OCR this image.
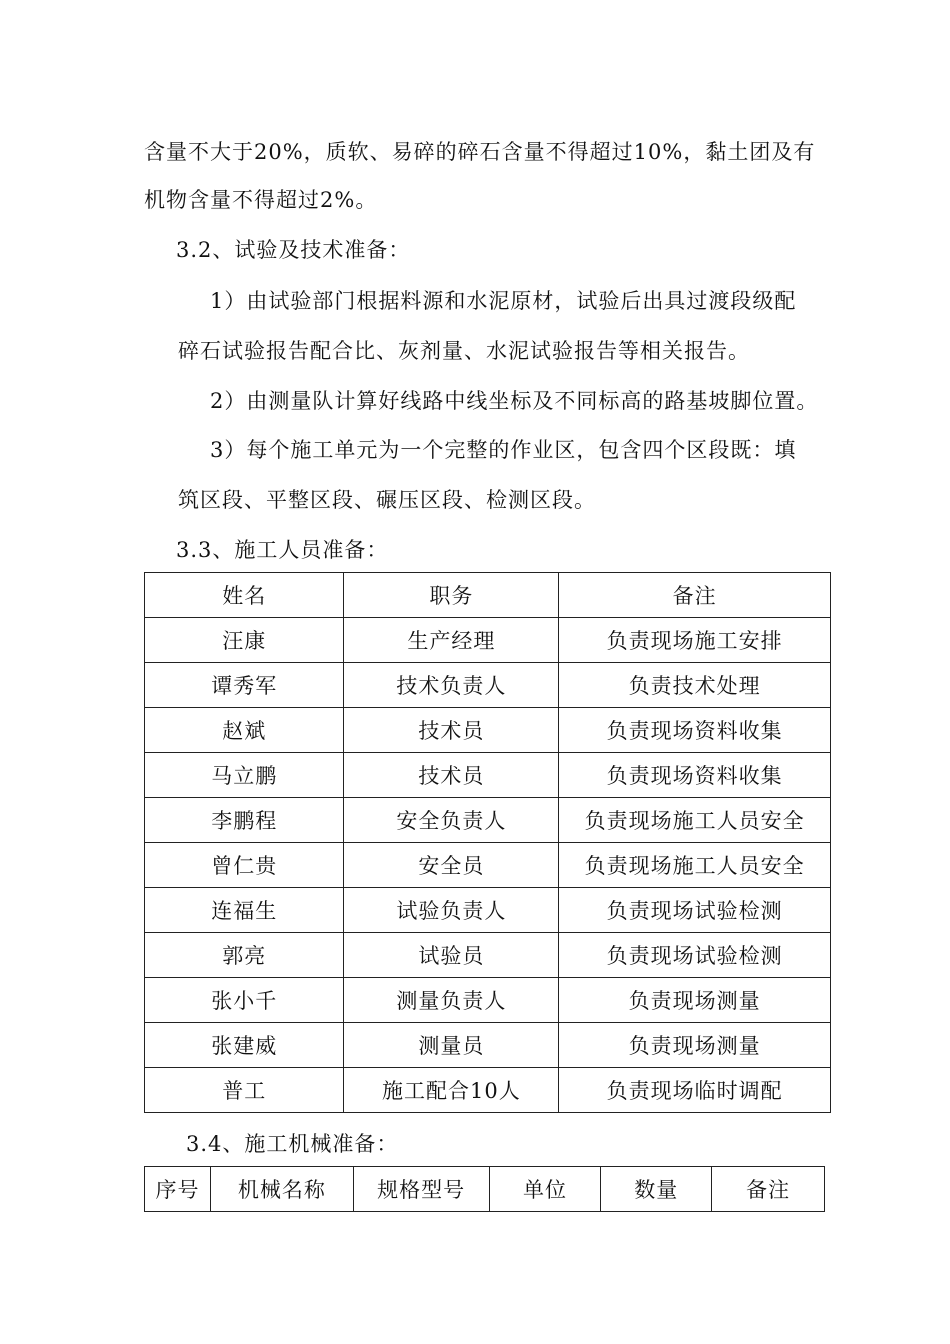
含量不大于20%，质软、易碎的碎石含量不得超过10%，黏土团及有
机物含量不得超过2%。
3.2、试验及技术准备：
1）由试验部门根据料源和水泥原材，试验后出具过渡段级配
碎石试验报告配合比、灰剂量、水泥试验报告等相关报告。
2）由测量队计算好线路中线坐标及不同标高的路基坡脚位置。
3）每个施工单元为一个完整的作业区，包含四个区段既：填
筑区段、平整区段、碾压区段、检测区段。
3.3、施工人员准备：
姓名	职务	备注
汪康	生产经理	负责现场施工安排
谭秀军	技术负责人	负责技术处理
赵斌	技术员	负责现场资料收集
马立鹏	技术员	负责现场资料收集
李鹏程	安全负责人	负责现场施工人员安全
曾仁贵	安全员	负责现场施工人员安全
连福生	试验负责人	负责现场试验检测
郭亮	试验员	负责现场试验检测
张小千	测量负责人	负责现场测量
张建威	测量员	负责现场测量
普工	施工配合10人	负责现场临时调配
3.4、施工机械准备：
序号	机械名称	规格型号	单位	数量	备注
